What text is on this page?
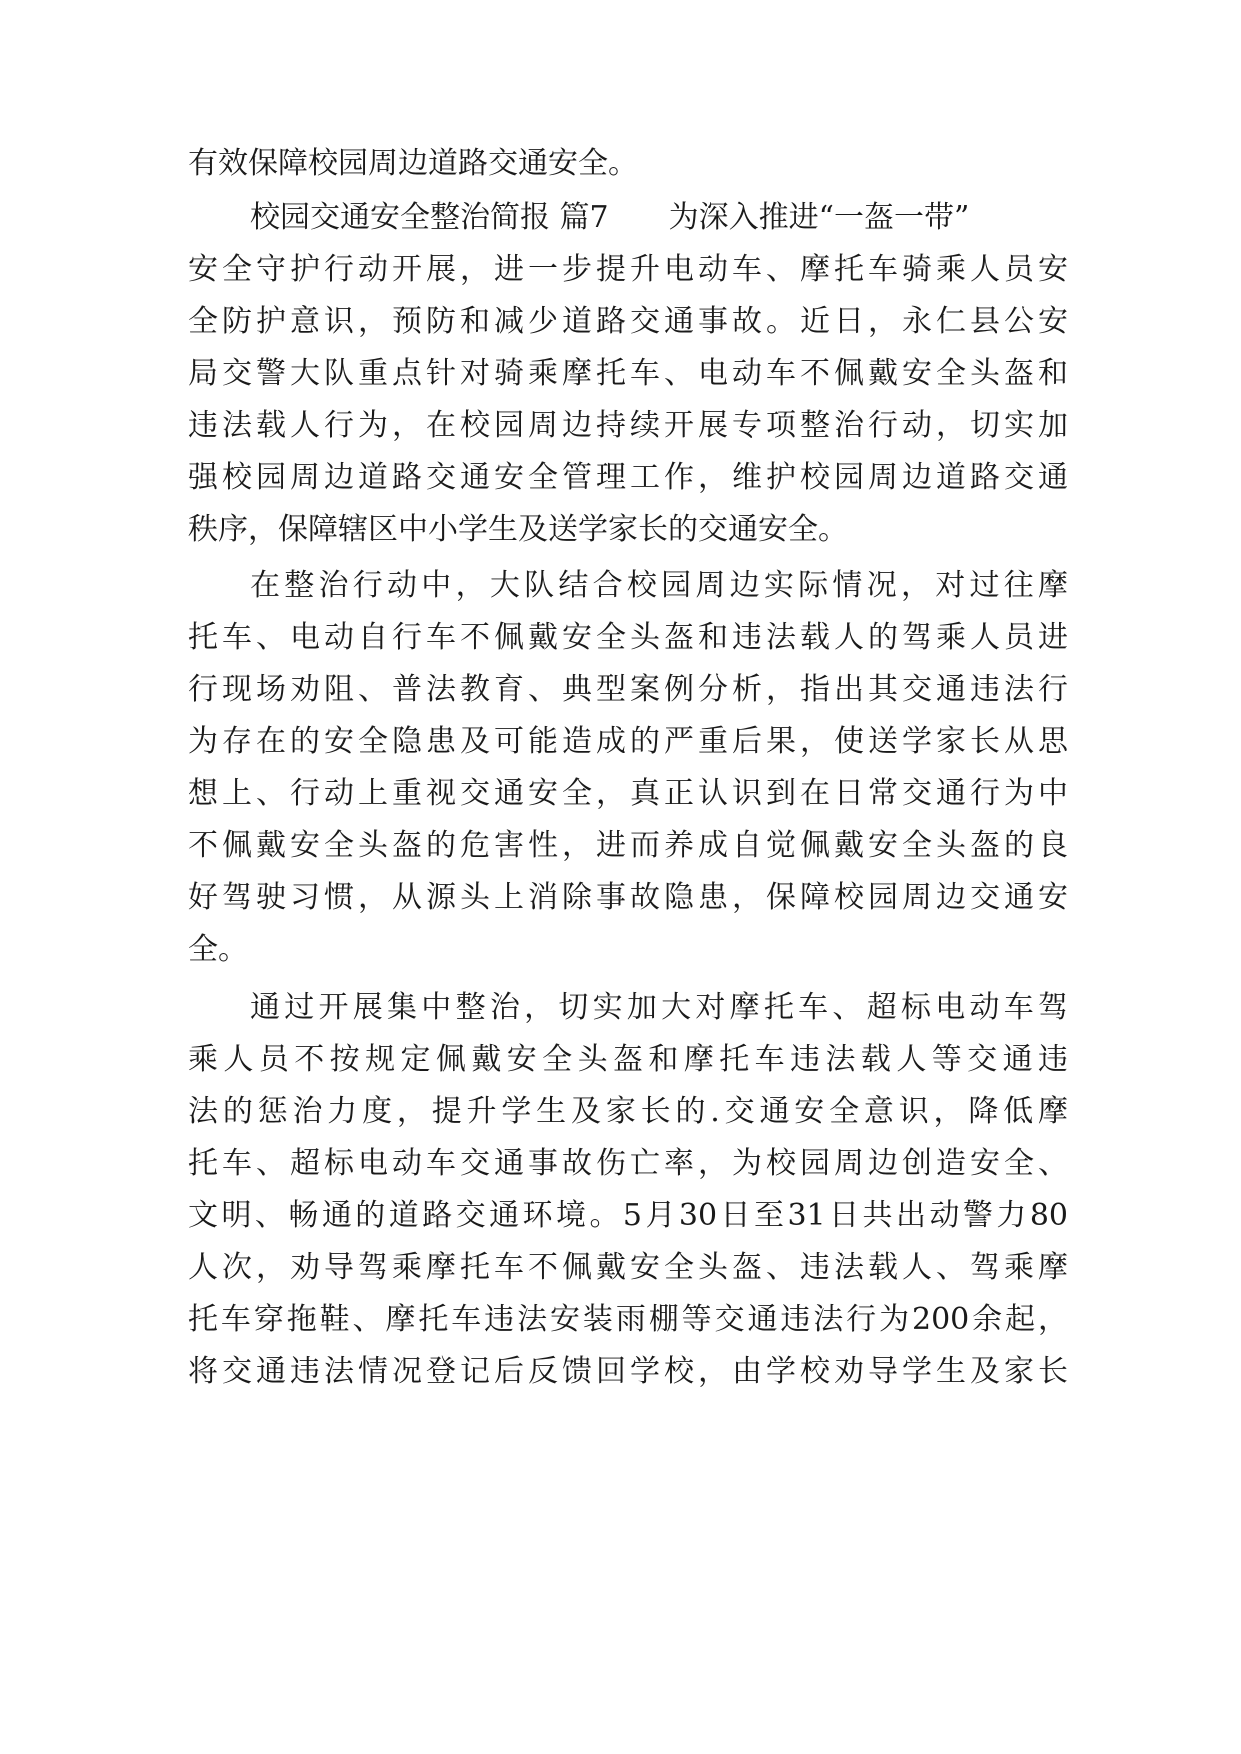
有效保障校园周边道路交通安全。
校园交通安全整治简报 篇7 为深入推进“一盔一带”
安全守护行动开展，进一步提升电动车、摩托车骑乘人员安
全防护意识，预防和减少道路交通事故。近日，永仁县公安
局交警大队重点针对骑乘摩托车、电动车不佩戴安全头盔和
违法载人行为，在校园周边持续开展专项整治行动，切实加
强校园周边道路交通安全管理工作，维护校园周边道路交通
秩序，保障辖区中小学生及送学家长的交通安全。
在整治行动中，大队结合校园周边实际情况，对过往摩
托车、电动自行车不佩戴安全头盔和违法载人的驾乘人员进
行现场劝阻、普法教育、典型案例分析，指出其交通违法行
为存在的安全隐患及可能造成的严重后果，使送学家长从思
想上、行动上重视交通安全，真正认识到在日常交通行为中
不佩戴安全头盔的危害性，进而养成自觉佩戴安全头盔的良
好驾驶习惯，从源头上消除事故隐患，保障校园周边交通安
全。
通过开展集中整治，切实加大对摩托车、超标电动车驾
乘人员不按规定佩戴安全头盔和摩托车违法载人等交通违
法的惩治力度，提升学生及家长的.交通安全意识，降低摩
托车、超标电动车交通事故伤亡率，为校园周边创造安全、
文明、畅通的道路交通环境。5月30日至31日共出动警力80
人次，劝导驾乘摩托车不佩戴安全头盔、违法载人、驾乘摩
托车穿拖鞋、摩托车违法安装雨棚等交通违法行为200余起，
将交通违法情况登记后反馈回学校，由学校劝导学生及家长
